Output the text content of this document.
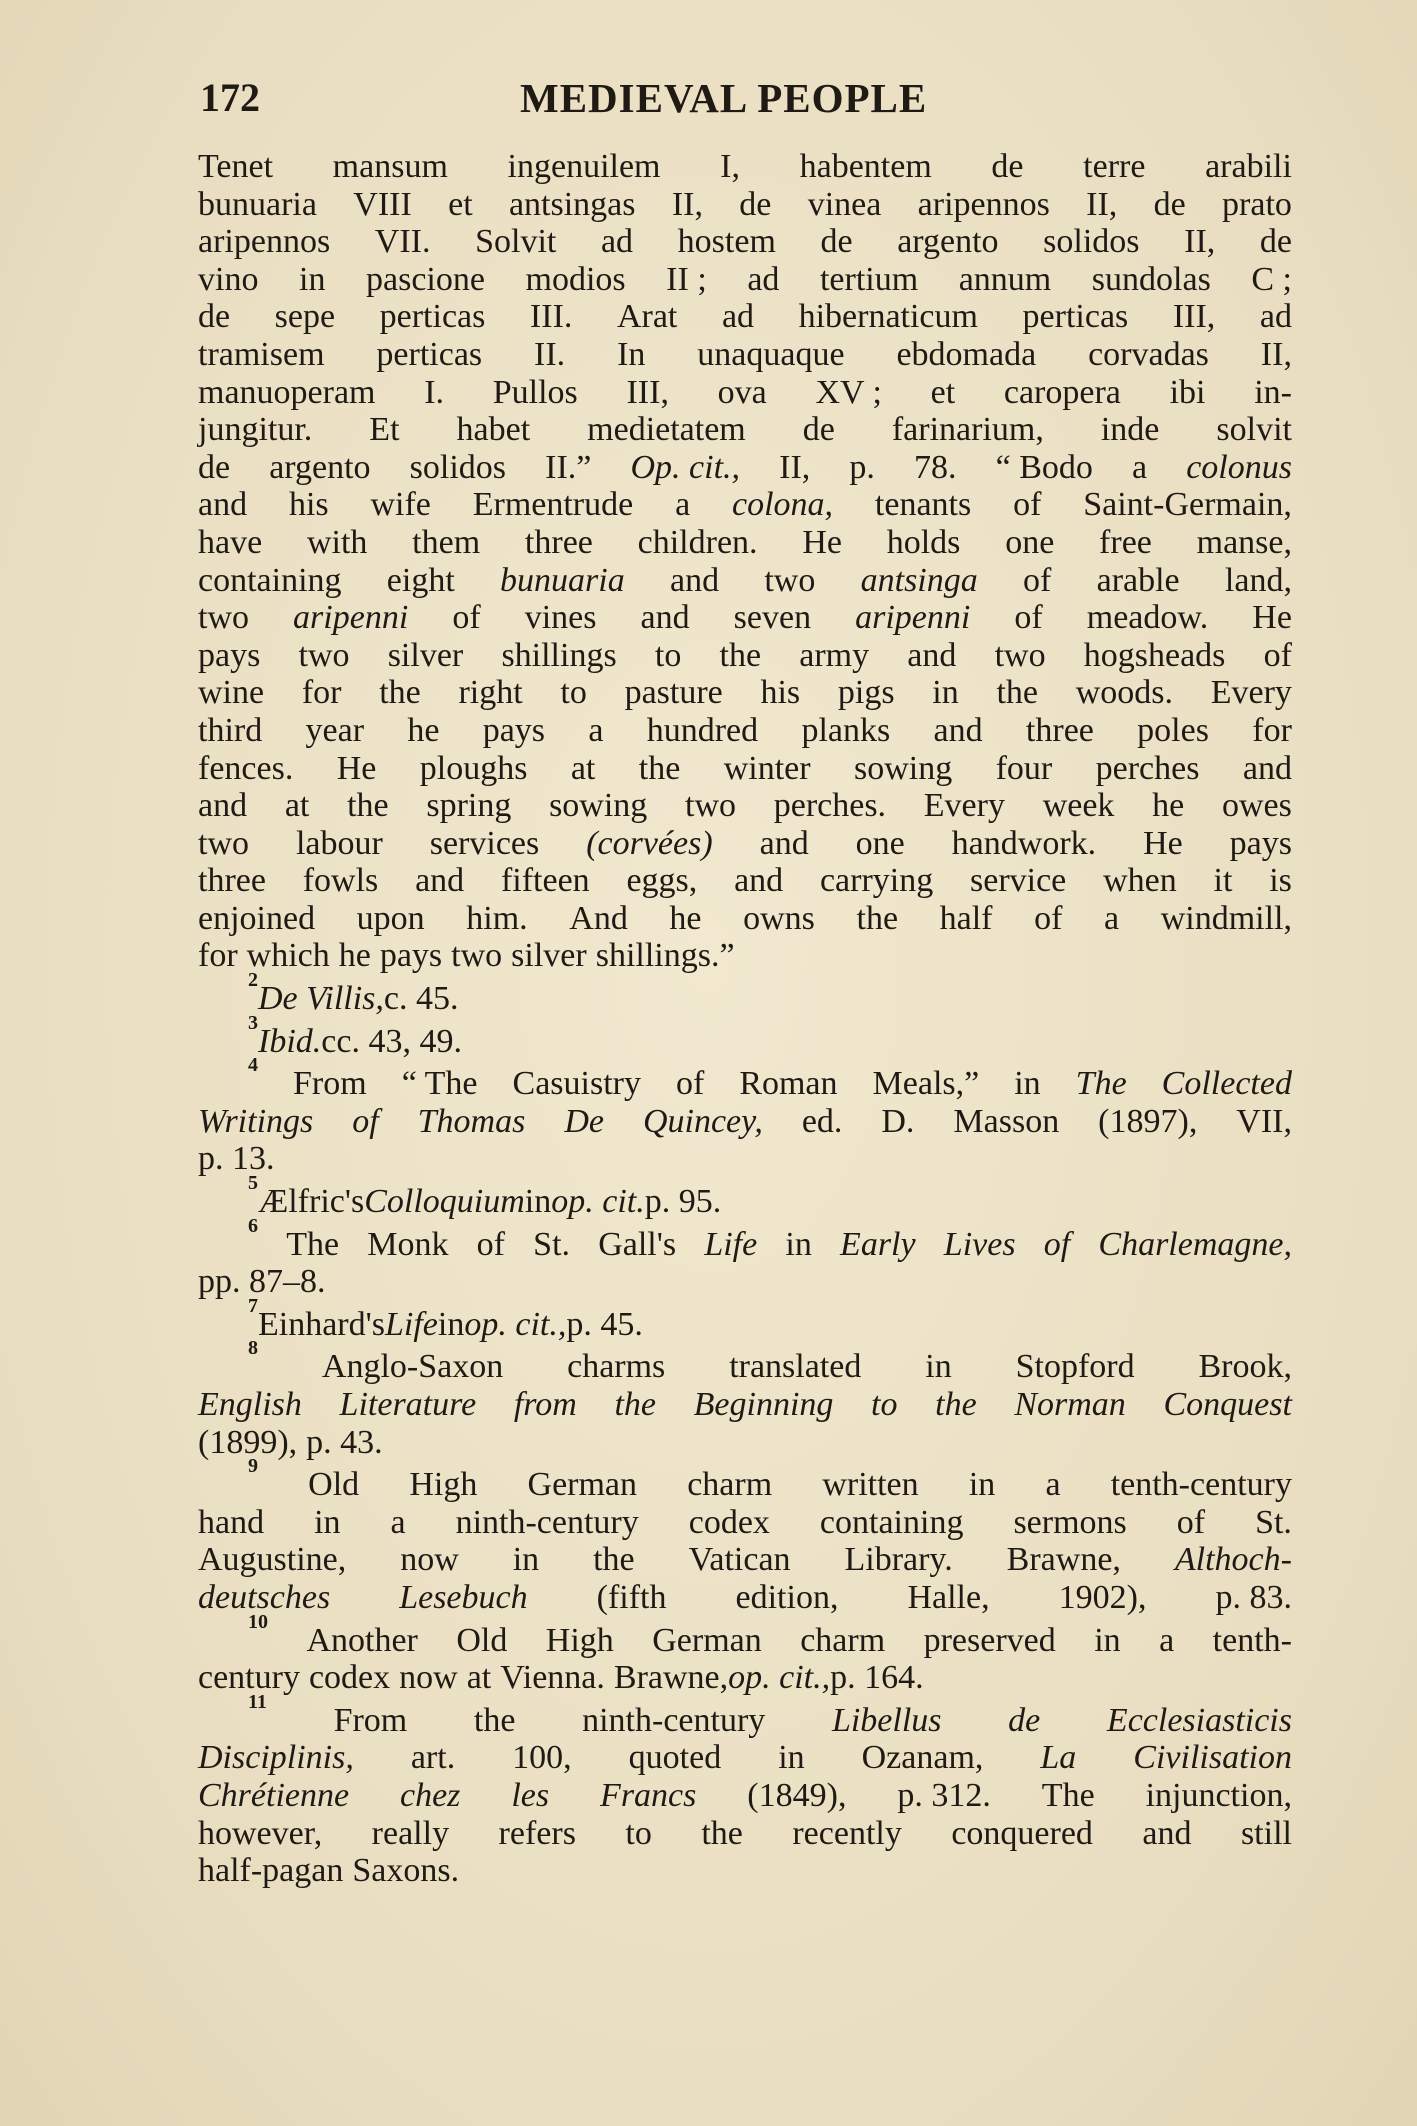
172	MEDIEVAL PEOPLE
Tenet mansum ingenuilem I, habentem de terre arabili
bunuaria VIII et antsingas II, de vinea aripennos II, de prato
aripennos VII. Solvit ad hostem de argento solidos II, de
vino in pascione modios II ; ad tertium annum sundolas C ;
de sepe perticas III. Arat ad hibernaticum perticas III, ad
tramisem perticas II. In unaquaque ebdomada corvadas II,
manuoperam I. Pullos III, ova XV ; et caropera ibi in-
jungitur. Et habet medietatem de farinarium, inde solvit
de argento solidos II.” Op. cit., II, p. 78. “ Bodo a colonus
and his wife Ermentrude a colona, tenants of Saint-Germain,
have with them three children. He holds one free manse,
containing eight bunuaria and two antsinga of arable land,
two aripenni of vines and seven aripenni of meadow. He
pays two silver shillings to the army and two hogsheads of
wine for the right to pasture his pigs in the woods. Every
third year he pays a hundred planks and three poles for
fences. He ploughs at the winter sowing four perches and
and at the spring sowing two perches. Every week he owes
two labour services (corvées) and one handwork. He pays
three fowls and fifteen eggs, and carrying service when it is
enjoined upon him. And he owns the half of a windmill,
for which he pays two silver shillings.”
2 De Villis, c. 45.
3 Ibid. cc. 43, 49.
4 From “ The Casuistry of Roman Meals,” in The Collected
Writings of Thomas De Quincey, ed. D. Masson (1897), VII,
p. 13.
5 Ælfric's Colloquium in op. cit. p. 95.
6 The Monk of St. Gall's Life in Early Lives of Charlemagne,
pp. 87–8.
7 Einhard's Life in op. cit., p. 45.
8 Anglo-Saxon charms translated in Stopford Brook,
English Literature from the Beginning to the Norman Conquest
(1899), p. 43.
9 Old High German charm written in a tenth-century
hand in a ninth-century codex containing sermons of St.
Augustine, now in the Vatican Library. Brawne, Althoch-
deutsches Lesebuch (fifth edition, Halle, 1902), p. 83.
10 Another Old High German charm preserved in a tenth-
century codex now at Vienna. Brawne, op. cit., p. 164.
11 From the ninth-century Libellus de Ecclesiasticis
Disciplinis, art. 100, quoted in Ozanam, La Civilisation
Chrétienne chez les Francs (1849), p. 312. The injunction,
however, really refers to the recently conquered and still
half-pagan Saxons.
